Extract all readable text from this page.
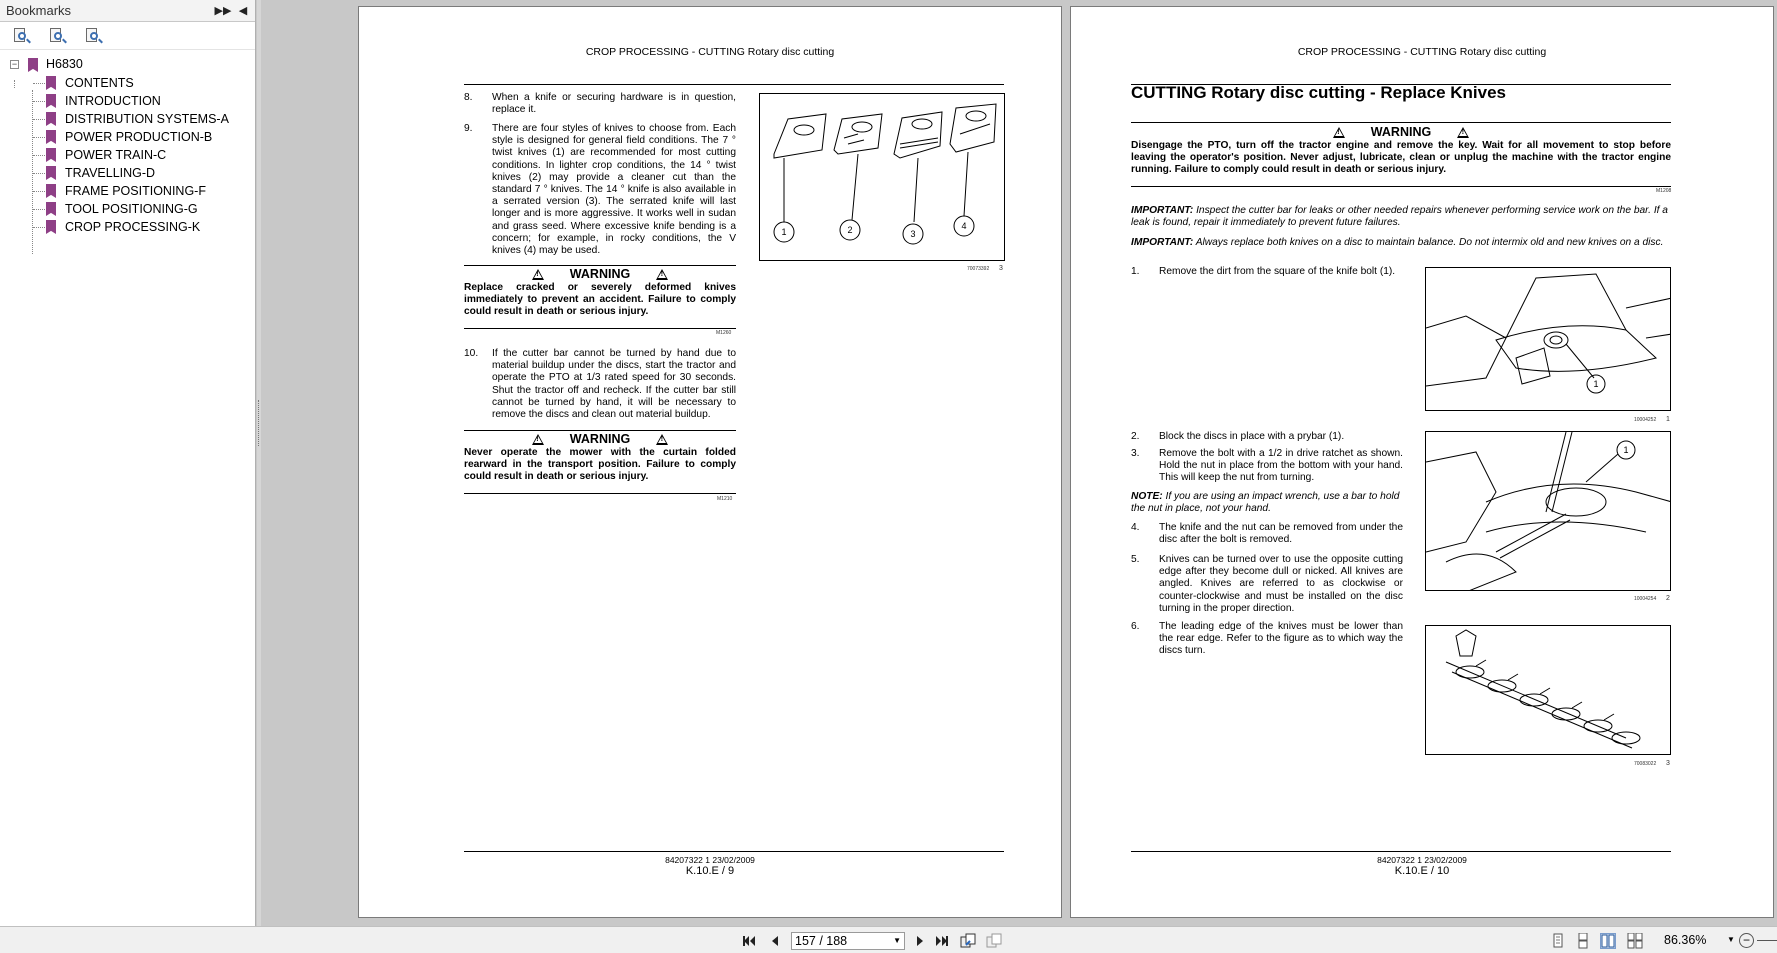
Bookmarks	▶▶ ◀
− H6830
CONTENTS
INTRODUCTION
DISTRIBUTION SYSTEMS-A
POWER PRODUCTION-B
POWER TRAIN-C
TRAVELLING-D
FRAME POSITIONING-F
TOOL POSITIONING-G
CROP PROCESSING-K
CROP PROCESSING - CUTTING Rotary disc cutting
8. When a knife or securing hardware is in question, replace it.
9. There are four styles of knives to choose from. Each style is designed for general field conditions. The 7 ° twist knives (1) are recommended for most cutting conditions. In lighter crop conditions, the 14 ° twist knives (2) may provide a cleaner cut than the standard 7 ° knives. The 14 ° knife is also available in a serrated version (3). The serrated knife will last longer and is more aggressive. It works well in sudan and grass seed. Where excessive knife bending is a concern; for example, in rocky conditions, the V knives (4) may be used.
1	2	3
4
70073392 3
!WARNING!
Replace cracked or severely deformed knives immediately to prevent an accident. Failure to comply could result in death or serious injury.
M1260
10. If the cutter bar cannot be turned by hand due to material buildup under the discs, start the tractor and operate the PTO at 1/3 rated speed for 30 seconds. Shut the tractor off and recheck. If the cutter bar still cannot be turned by hand, it will be necessary to remove the discs and clean out material buildup.
!WARNING!
Never operate the mower with the curtain folded rearward in the transport position. Failure to comply could result in death or serious injury.
M1210
84207322 1 23/02/2009
K.10.E / 9
CROP PROCESSING - CUTTING Rotary disc cutting
CUTTING Rotary disc cutting - Replace Knives
!WARNING!
Disengage the PTO, turn off the tractor engine and remove the key. Wait for all movement to stop before leaving the operator's position. Never adjust, lubricate, clean or unplug the machine with the tractor engine running. Failure to comply could result in death or serious injury.
M1208
IMPORTANT: Inspect the cutter bar for leaks or other needed repairs whenever performing service work on the bar. If a leak is found, repair it immediately to prevent future failures.
IMPORTANT: Always replace both knives on a disc to maintain balance. Do not intermix old and new knives on a disc.
1. Remove the dirt from the square of the knife bolt (1).
1
10004252 1
2. Block the discs in place with a prybar (1).
3. Remove the bolt with a 1/2 in drive ratchet as shown. Hold the nut in place from the bottom with your hand. This will keep the nut from turning.
NOTE: If you are using an impact wrench, use a bar to hold the nut in place, not your hand.
4. The knife and the nut can be removed from under the disc after the bolt is removed.
5. Knives can be turned over to use the opposite cutting edge after they become dull or nicked. All knives are angled. Knives are referred to as clockwise or counter-clockwise and must be installed on the disc turning in the proper direction.
6. The leading edge of the knives must be lower than the rear edge. Refer to the figure as to which way the discs turn.
1
10004254 2
70083022 3
84207322 1 23/02/2009
K.10.E / 10
157 / 188	▼	86.36%	▼ −
